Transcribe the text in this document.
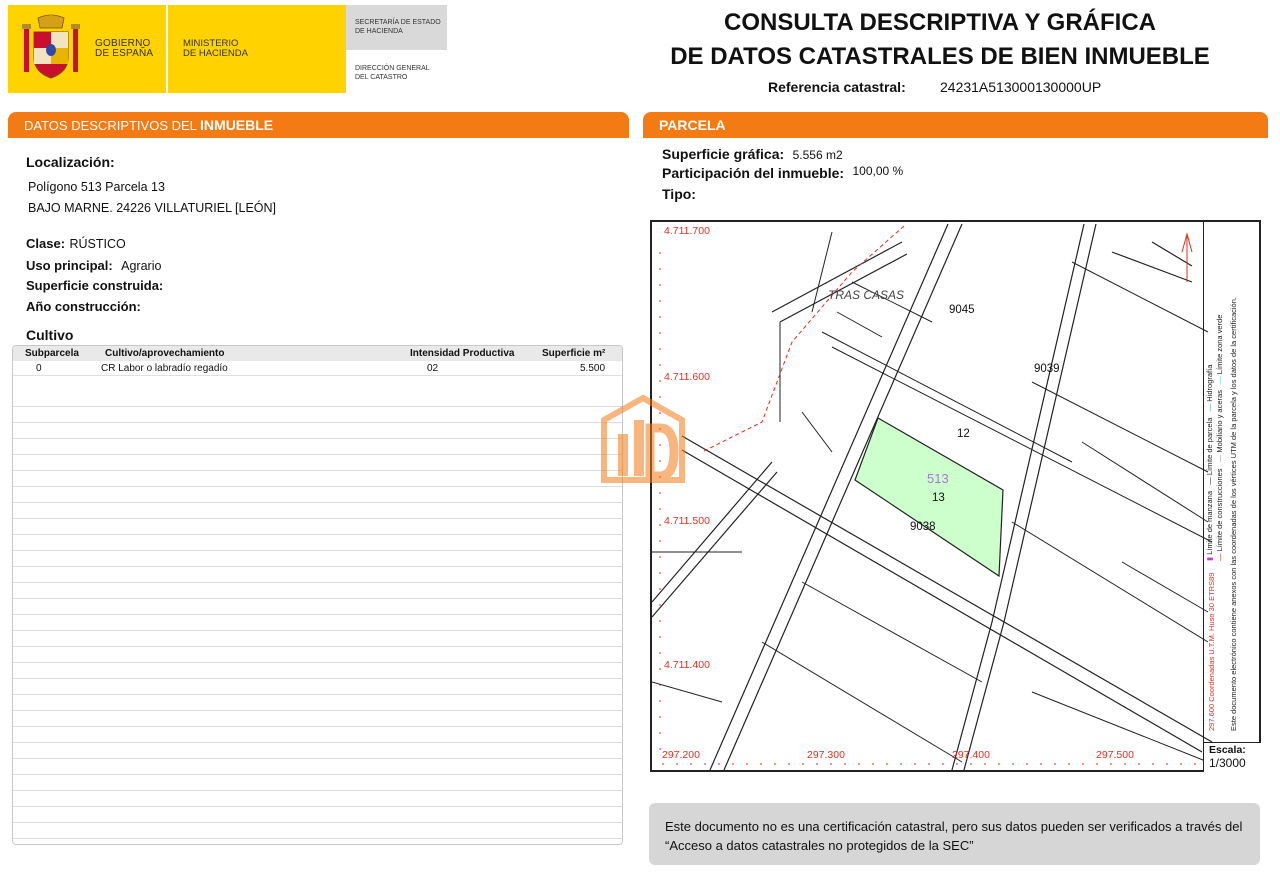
GOBIERNO
DE ESPAÑA
MINISTERIO
DE HACIENDA
SECRETARÍA DE ESTADO
DE HACIENDA
DIRECCIÓN GENERAL
DEL CATASTRO
CONSULTA DESCRIPTIVA Y GRÁFICA
DE DATOS CATASTRALES DE BIEN INMUEBLE
Referencia catastral: 24231A513000130000UP
DATOS DESCRIPTIVOS DEL INMUEBLE
Localización:
Polígono 513 Parcela 13
BAJO MARNE. 24226 VILLATURIEL [LEÓN]
Clase: RÚSTICO
Uso principal: Agrario
Superficie construida:
Año construcción:
Cultivo
Subparcela	Cultivo/aprovechamiento	Intensidad Productiva	Superficie m²
0	CR Labor o labradío regadío	02	5.500
PARCELA
Superficie gráfica: 5.556 m2
Participación del inmueble: 100,00 %
Tipo:
4.711.700
4.711.600
4.711.500
4.711.400
297.200	297.300	297.400	297.500
TRAS CASAS
9045
9039
12
513
13
9038
297.600 Coordenadas U.T.M. Huso 30 ETRS89
▮ Límite de manzana   — Límite de parcela   — Hidrografía
— Límite de construcciones   — Mobiliario y aceras   — Límite zona verde Este documento electrónico contiene anexos con las coordenadas de los vértices UTM de la parcela y los datos de la certificación.
Escala:
1/3000
Este documento no es una certificación catastral, pero sus datos pueden ser verificados a través del “Acceso a datos catastrales no protegidos de la SEC”
